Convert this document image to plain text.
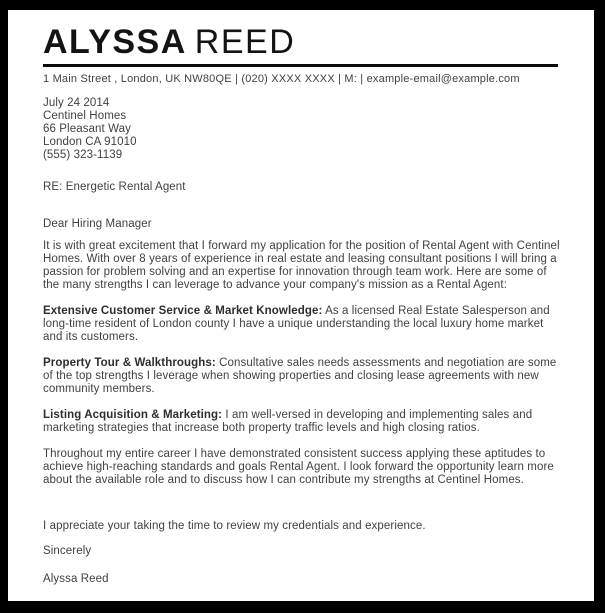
ALYSSA REED
1 Main Street , London, UK NW80QE | (020) XXXX XXXX | M: | example-email@example.com

July 24 2014

Centinel Homes

66 Pleasant Way

London CA 91010

(555) 323-1139

RE: Energetic Rental Agent

Dear Hiring Manager

It is with great excitement that I forward my application for the position of Rental Agent with Centinel Homes. With over 8 years of experience in real estate and leasing consultant positions I will bring a passion for problem solving and an expertise for innovation through team work. Here are some of the many strengths I can leverage to advance your company's mission as a Rental Agent:

Extensive Customer Service & Market Knowledge: As a licensed Real Estate Salesperson and long-time resident of London county I have a unique understanding the local luxury home market and its customers.

Property Tour & Walkthroughs: Consultative sales needs assessments and negotiation are some of the top strengths I leverage when showing properties and closing lease agreements with new community members.

Listing Acquisition & Marketing: I am well-versed in developing and implementing sales and marketing strategies that increase both property traffic levels and high closing ratios.

Throughout my entire career I have demonstrated consistent success applying these aptitudes to achieve high-reaching standards and goals Rental Agent. I look forward the opportunity learn more about the available role and to discuss how I can contribute my strengths at Centinel Homes.

I appreciate your taking the time to review my credentials and experience.

Sincerely

Alyssa Reed
